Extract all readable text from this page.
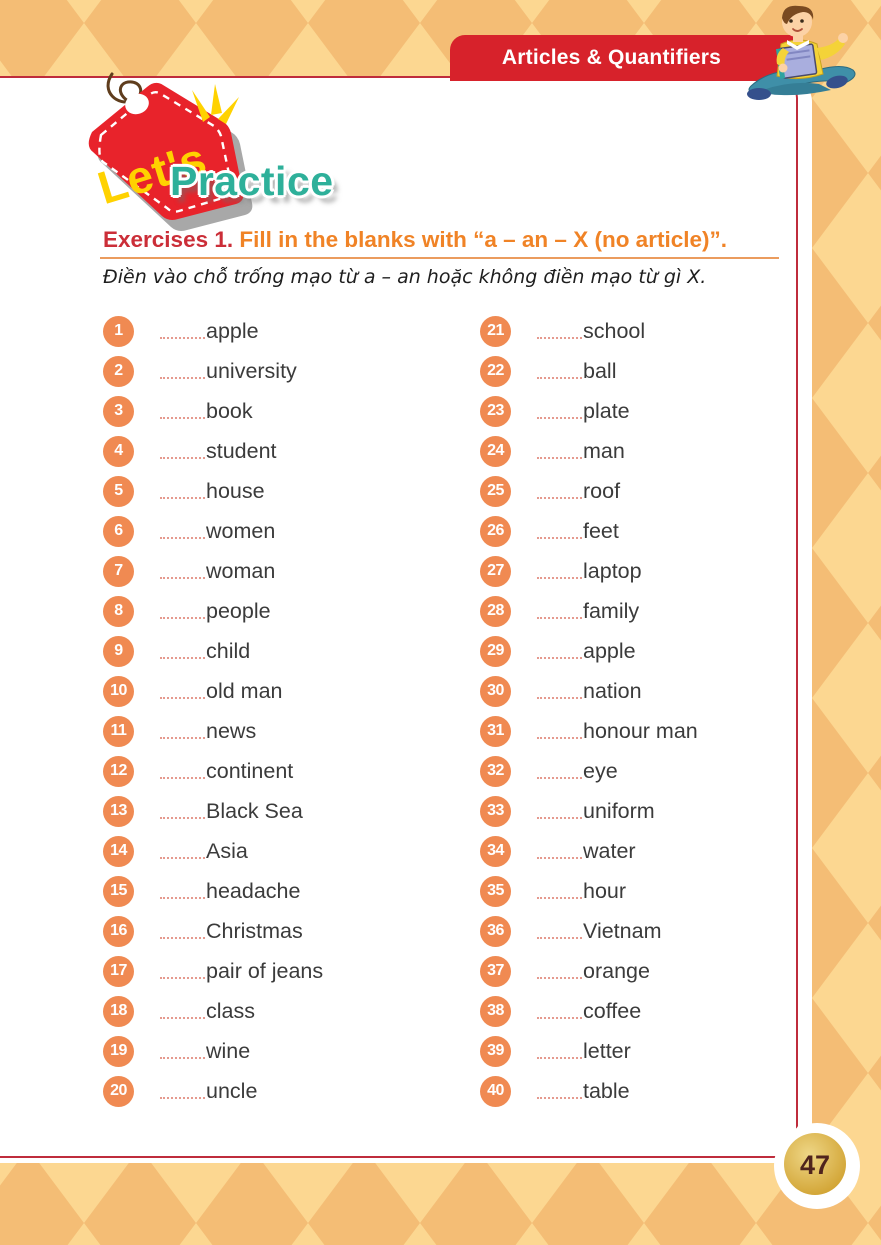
Articles & Quantifiers
Let's
Practice
Exercises 1. Fill in the blanks with “a – an – X (no article)”.
Điền vào chỗ trống mạo từ a – an hoặc không điền mạo từ gì X.
1	apple
2	university
3	book
4	student
5	house
6	women
7	woman
8	people
9	child
10	old man
11	news
12	continent
13	Black Sea
14	Asia
15	headache
16	Christmas
17	pair of jeans
18	class
19	wine
20	uncle
21	school
22	ball
23	plate
24	man
25	roof
26	feet
27	laptop
28	family
29	apple
30	nation
31	honour man
32	eye
33	uniform
34	water
35	hour
36	Vietnam
37	orange
38	coffee
39	letter
40	table
47
